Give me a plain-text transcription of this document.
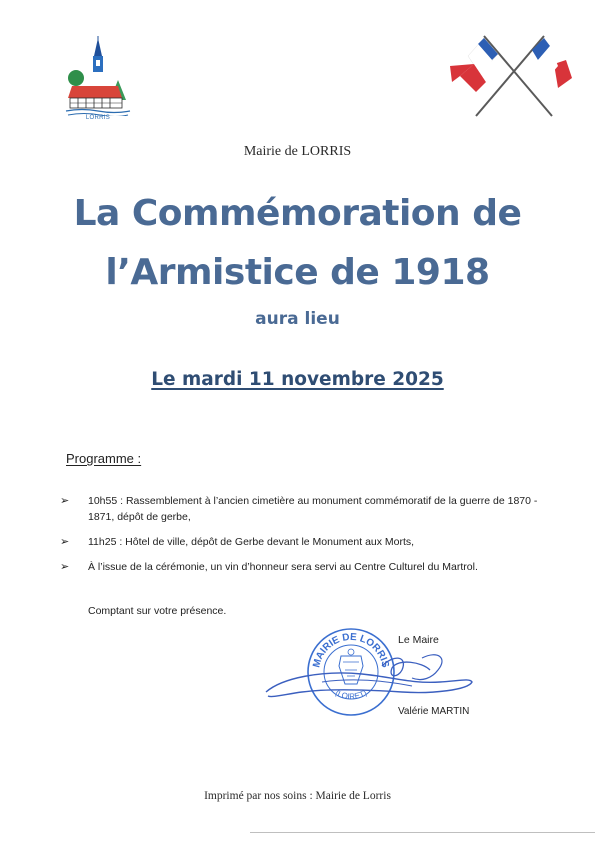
LORRIS
Mairie de LORRIS
La Commémoration de
l’Armistice de 1918
aura lieu
Le mardi 11 novembre 2025
Programme :
➢ 10h55 : Rassemblement à l’ancien cimetière au monument commémoratif de la guerre de 1870 - 1871, dépôt de gerbe,
➢ 11h25 : Hôtel de ville, dépôt de Gerbe devant le Monument aux Morts,
➢ À l’issue de la cérémonie, un vin d’honneur sera servi au Centre Culturel du Martrol.
Comptant sur votre présence.
Le Maire
MAIRIE DE LORRIS
(LOIRET)
Valérie MARTIN
Imprimé par nos soins : Mairie de Lorris
